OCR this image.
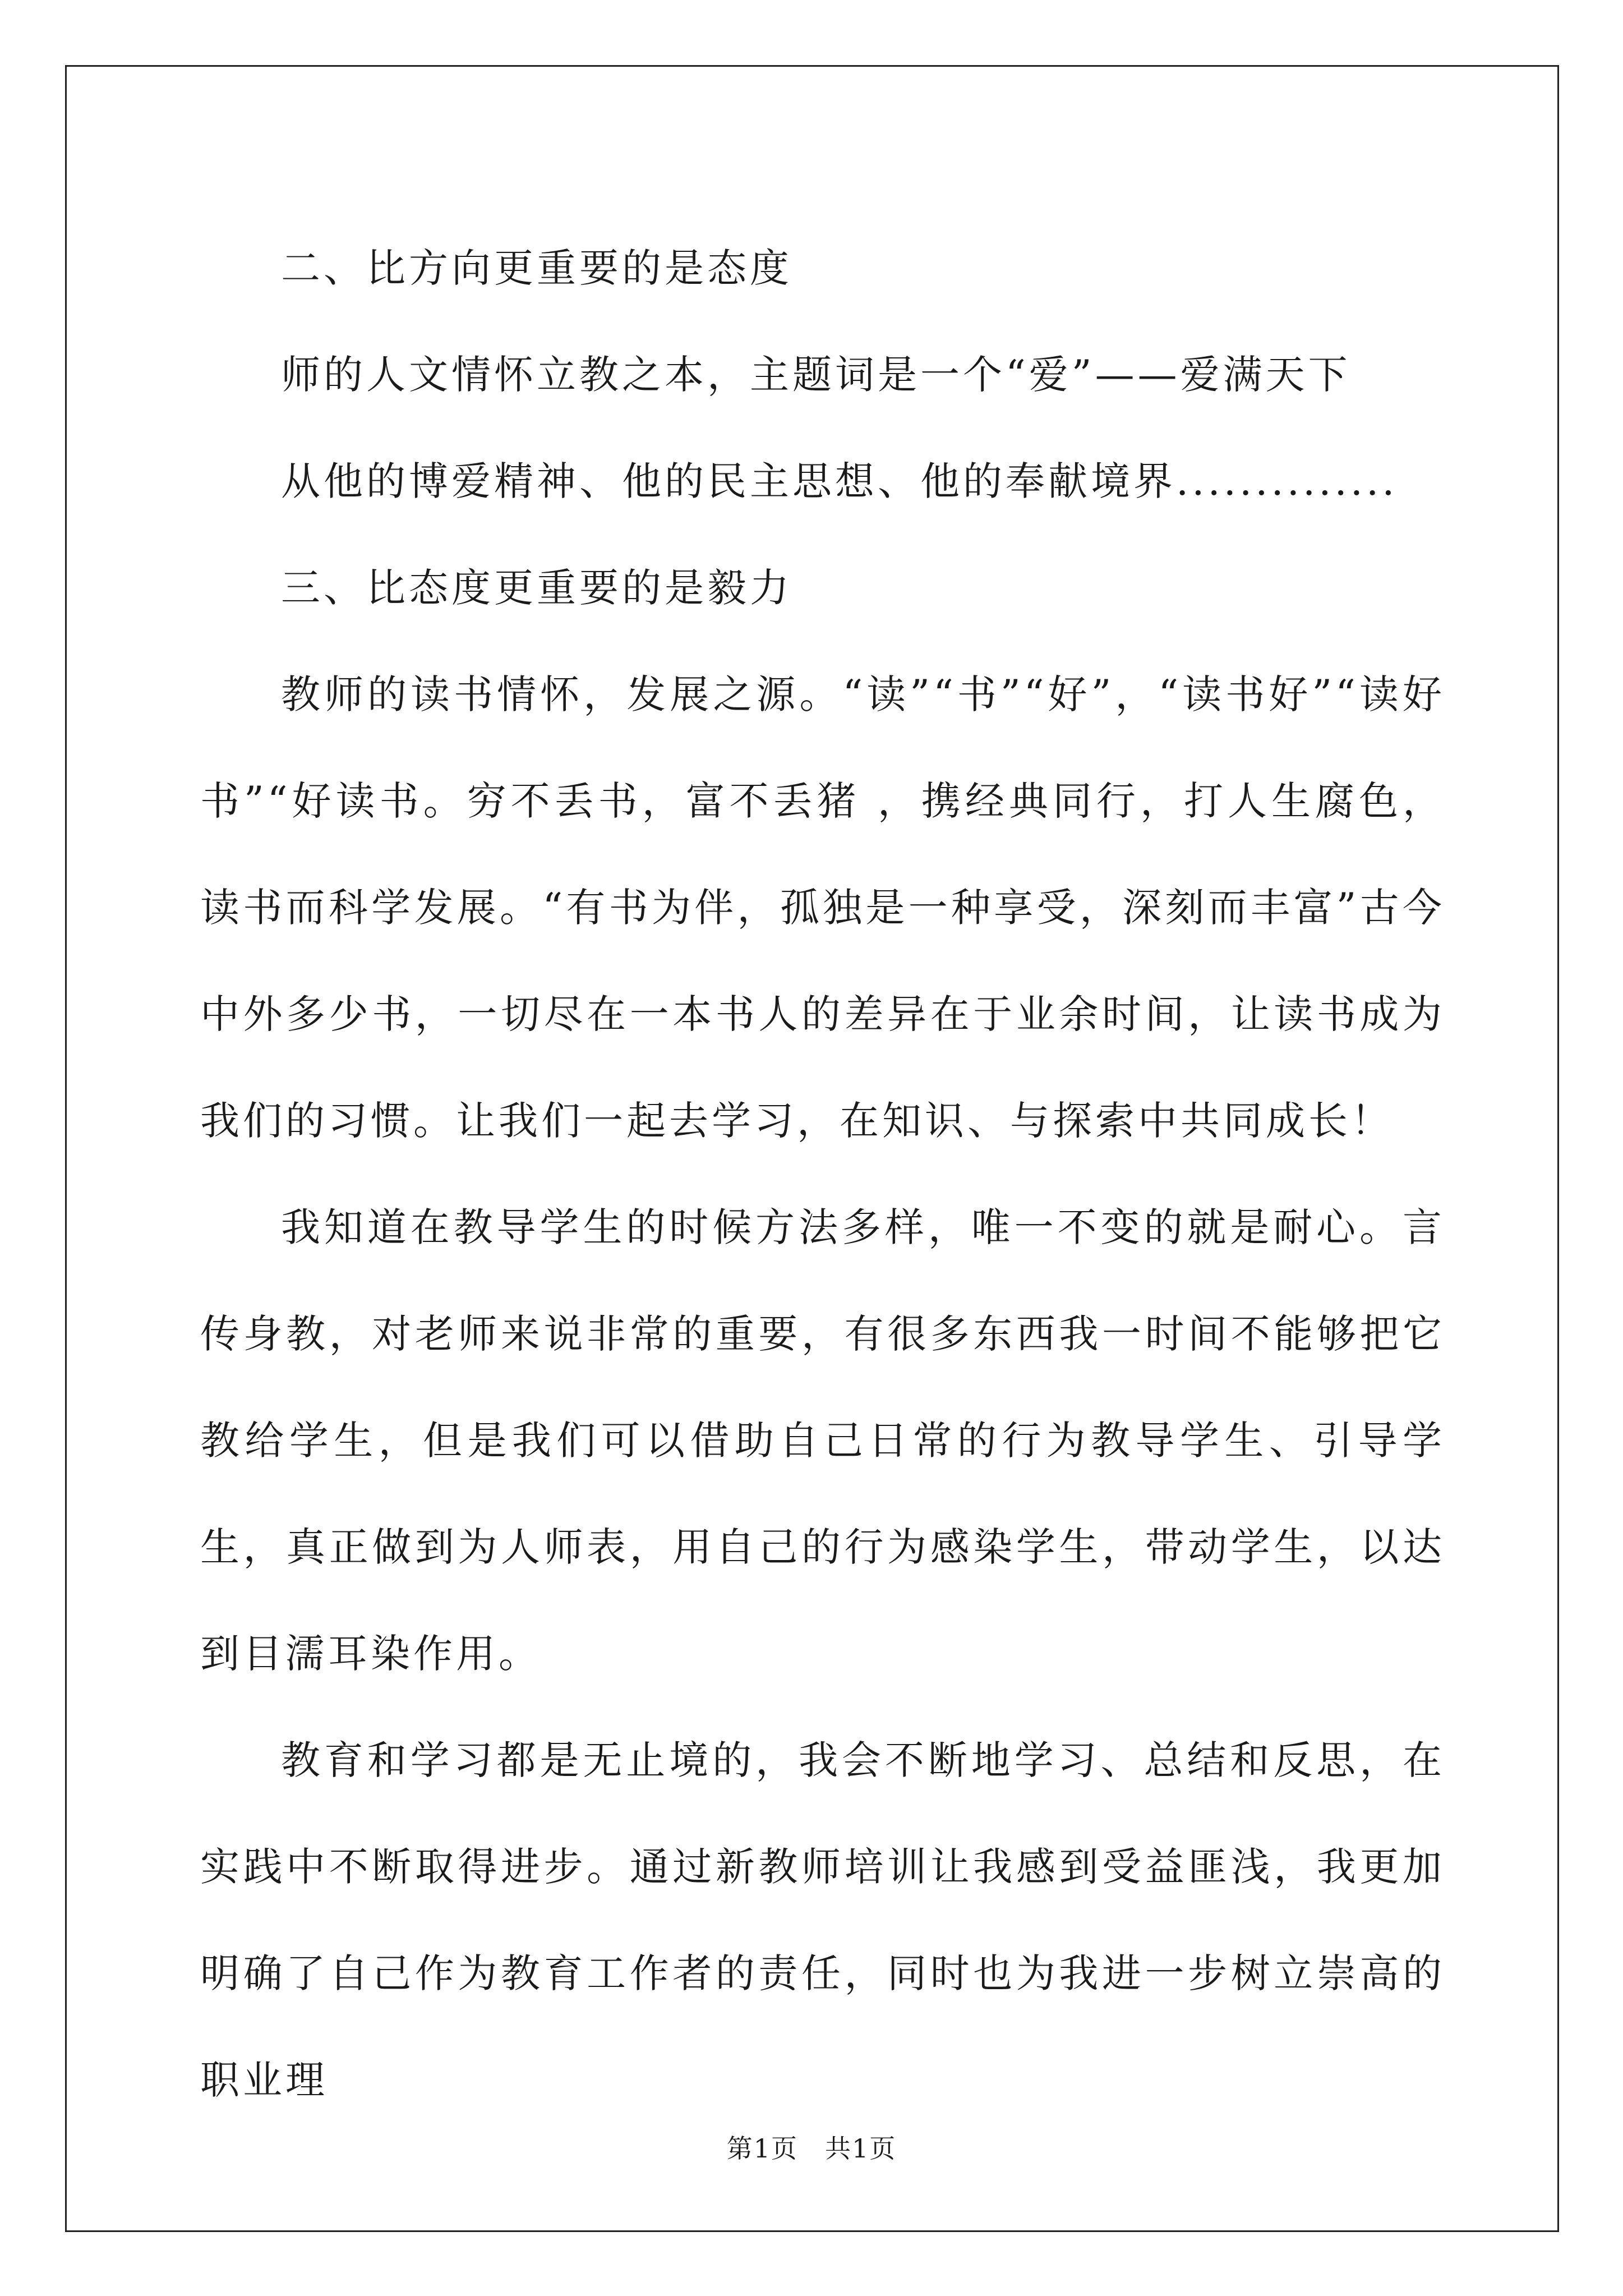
二、比方向更重要的是态度

师的人文情怀立教之本，主题词是一个“爱”——爱满天下

从他的博爱精神、他的民主思想、他的奉献境界..............

三、比态度更重要的是毅力

教师的读书情怀，发展之源。“读”“书”“好”，“读书好”“读好书”“好读书。穷不丢书，富不丢猪 ，携经典同行，打人生腐色，读书而科学发展。“有书为伴，孤独是一种享受，深刻而丰富”古今中外多少书，一切尽在一本书人的差异在于业余时间，让读书成为我们的习惯。让我们一起去学习，在知识、与探索中共同成长！

我知道在教导学生的时候方法多样，唯一不变的就是耐心。言传身教，对老师来说非常的重要，有很多东西我一时间不能够把它教给学生，但是我们可以借助自己日常的行为教导学生、引导学生，真正做到为人师表，用自己的行为感染学生，带动学生，以达到目濡耳染作用。

教育和学习都是无止境的，我会不断地学习、总结和反思，在实践中不断取得进步。通过新教师培训让我感到受益匪浅，我更加明确了自己作为教育工作者的责任，同时也为我进一步树立崇高的职业理

第1页　共1页
